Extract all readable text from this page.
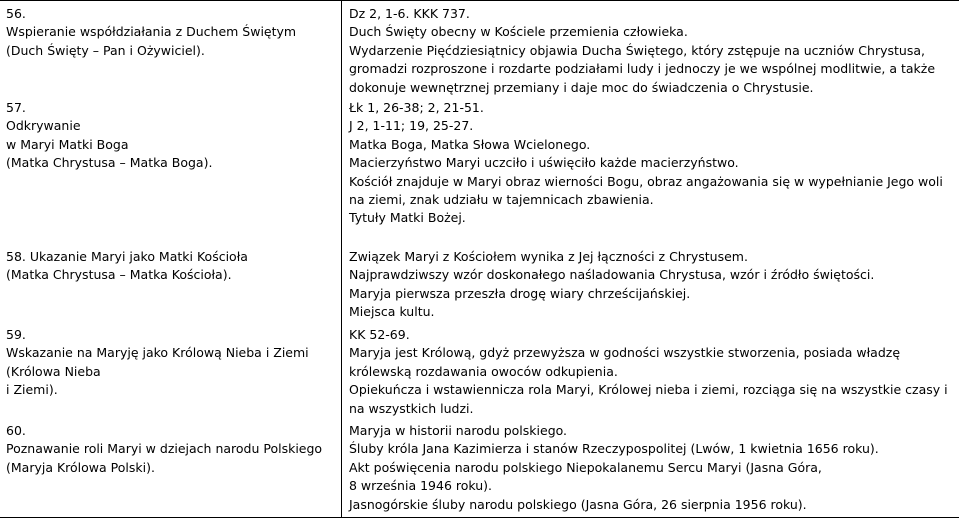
56.
Wspieranie współdziałania z Duchem Świętym
(Duch Święty – Pan i Ożywiciel).
Dz 2, 1-6. KKK 737.
Duch Święty obecny w Kościele przemienia człowieka.
Wydarzenie Pięćdziesiątnicy objawia Ducha Świętego, który zstępuje na uczniów Chrystusa,
gromadzi rozproszone i rozdarte podziałami ludy i jednoczy je we wspólnej modlitwie, a także
dokonuje wewnętrznej przemiany i daje moc do świadczenia o Chrystusie.
57.
Odkrywanie
w Maryi Matki Boga
(Matka Chrystusa – Matka Boga).
Łk 1, 26-38; 2, 21-51.
J 2, 1-11; 19, 25-27.
Matka Boga, Matka Słowa Wcielonego.
Macierzyństwo Maryi uczciło i uświęciło każde macierzyństwo.
Kościół znajduje w Maryi obraz wierności Bogu, obraz angażowania się w wypełnianie Jego woli
na ziemi, znak udziału w tajemnicach zbawienia.
Tytuły Matki Bożej.
58. Ukazanie Maryi jako Matki Kościoła
(Matka Chrystusa – Matka Kościoła).
Związek Maryi z Kościołem wynika z Jej łączności z Chrystusem.
Najprawdziwszy wzór doskonałego naśladowania Chrystusa, wzór i źródło świętości.
Maryja pierwsza przeszła drogę wiary chrześcijańskiej.
Miejsca kultu.
59.
Wskazanie na Maryję jako Królową Nieba i Ziemi
(Królowa Nieba
i Ziemi).
KK 52-69.
Maryja jest Królową, gdyż przewyższa w godności wszystkie stworzenia, posiada władzę
królewską rozdawania owoców odkupienia.
Opiekuńcza i wstawiennicza rola Maryi, Królowej nieba i ziemi, rozciąga się na wszystkie czasy i
na wszystkich ludzi.
60.
Poznawanie roli Maryi w dziejach narodu Polskiego
(Maryja Królowa Polski).
Maryja w historii narodu polskiego.
Śluby króla Jana Kazimierza i stanów Rzeczypospolitej (Lwów, 1 kwietnia 1656 roku).
Akt poświęcenia narodu polskiego Niepokalanemu Sercu Maryi (Jasna Góra,
8 września 1946 roku).
Jasnogórskie śluby narodu polskiego (Jasna Góra, 26 sierpnia 1956 roku).
